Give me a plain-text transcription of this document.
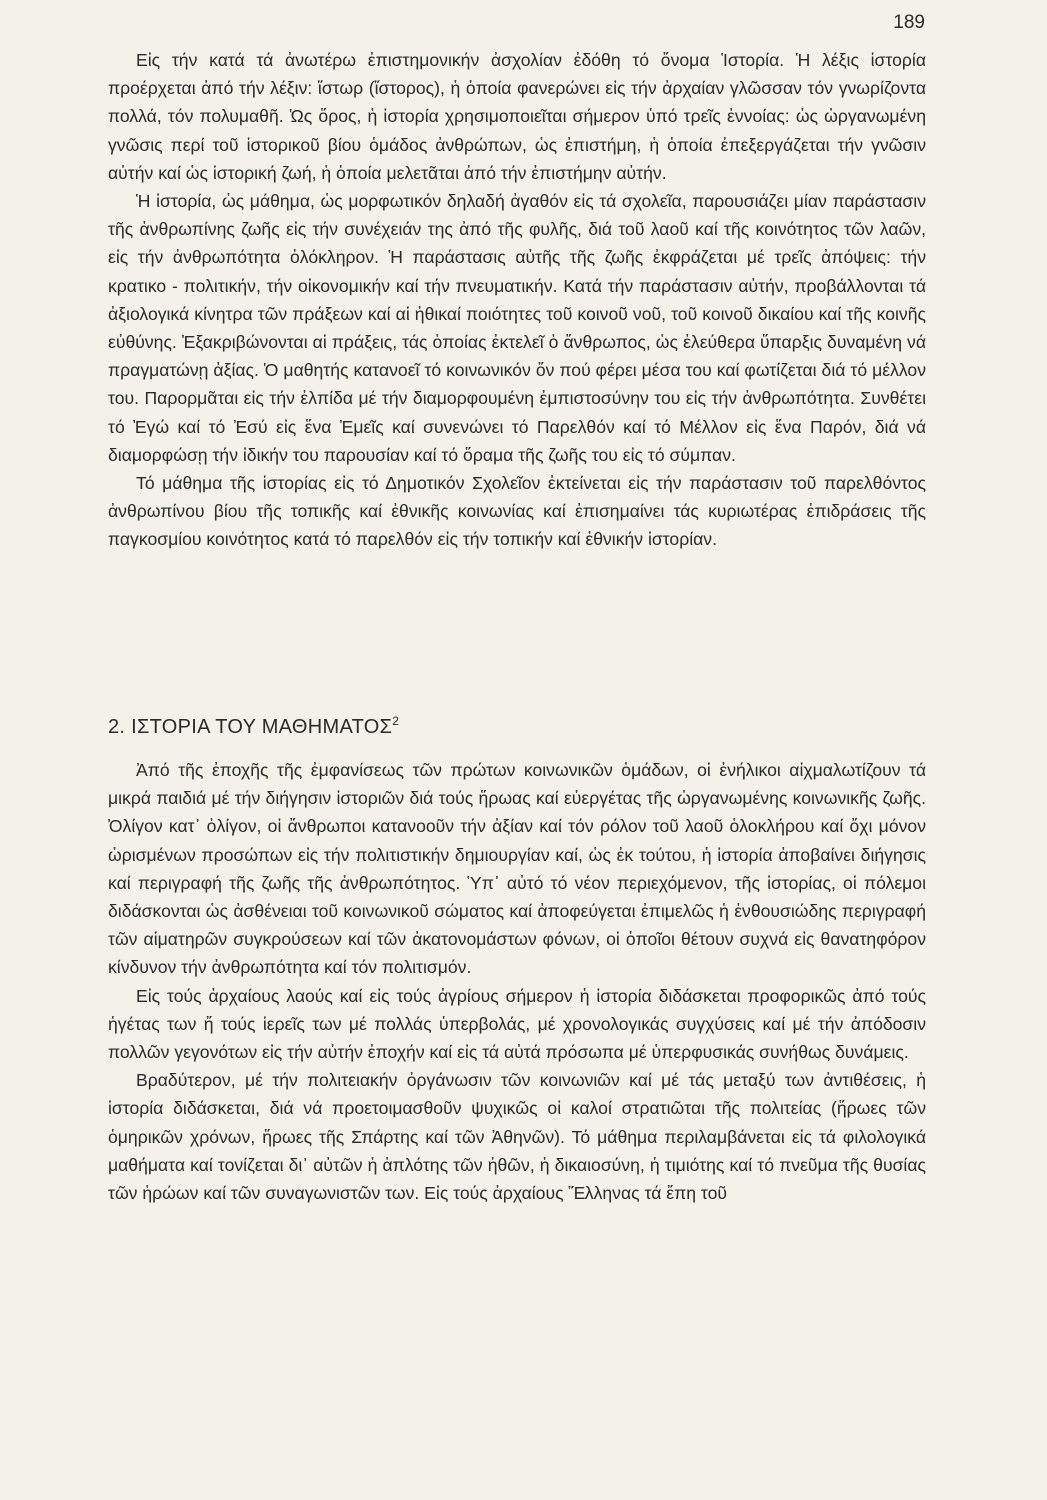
189

Εἰς τήν κατά τά ἀνωτέρω ἐπιστημονικήν ἀσχολίαν ἐδόθη τό ὄνομα Ἱστορία. Ἡ λέξις ἱστορία προέρχεται ἀπό τήν λέξιν: ἵστωρ (ἵστορος), ἡ ὁποία φανερώνει εἰς τήν ἀρχαίαν γλῶσσαν τόν γνωρίζοντα πολλά, τόν πολυμαθῆ. Ὡς ὅρος, ἡ ἱστορία χρησιμοποιεῖται σήμερον ὑπό τρεῖς ἐννοίας: ὡς ὠργανωμένη γνῶσις περί τοῦ ἱστορικοῦ βίου ὁμάδος ἀνθρώπων, ὡς ἐπιστήμη, ἡ ὁποία ἐπεξεργάζεται τήν γνῶσιν αὐτήν καί ὡς ἱστορική ζωή, ἡ ὁποία μελετᾶται ἀπό τήν ἐπιστήμην αὐτήν.

Ἡ ἱστορία, ὡς μάθημα, ὡς μορφωτικόν δηλαδή ἀγαθόν εἰς τά σχολεῖα, παρουσιάζει μίαν παράστασιν τῆς ἀνθρωπίνης ζωῆς εἰς τήν συνέχειάν της ἀπό τῆς φυλῆς, διά τοῦ λαοῦ καί τῆς κοινότητος τῶν λαῶν, εἰς τήν ἀνθρωπότητα ὁλόκληρον. Ἡ παράστασις αὐτῆς τῆς ζωῆς ἐκφράζεται μέ τρεῖς ἀπόψεις: τήν κρατικο - πολιτικήν, τήν οἰκονομικήν καί τήν πνευματικήν. Κατά τήν παράστασιν αὐτήν, προβάλλονται τά ἀξιολογικά κίνητρα τῶν πράξεων καί αἱ ἠθικαί ποιότητες τοῦ κοινοῦ νοῦ, τοῦ κοινοῦ δικαίου καί τῆς κοινῆς εὐθύνης. Ἐξακριβώνονται αἱ πράξεις, τάς ὁποίας ἐκτελεῖ ὁ ἄνθρωπος, ὡς ἐλεύθερα ὕπαρξις δυναμένη νά πραγματώνῃ ἀξίας. Ὁ μαθητής κατανοεῖ τό κοινωνικόν ὄν πού φέρει μέσα του καί φωτίζεται διά τό μέλλον του. Παρορμᾶται εἰς τήν ἐλπίδα μέ τήν διαμορφουμένη ἐμπιστοσύνην του εἰς τήν ἀνθρωπότητα. Συνθέτει τό Ἐγώ καί τό Ἐσύ εἰς ἕνα Ἐμεῖς καί συνενώνει τό Παρελθόν καί τό Μέλλον εἰς ἕνα Παρόν, διά νά διαμορφώσῃ τήν ἰδικήν του παρουσίαν καί τό ὅραμα τῆς ζωῆς του εἰς τό σύμπαν.

Τό μάθημα τῆς ἱστορίας εἰς τό Δημοτικόν Σχολεῖον ἐκτείνεται εἰς τήν παράστασιν τοῦ παρελθόντος ἀνθρωπίνου βίου τῆς τοπικῆς καί ἐθνικῆς κοινωνίας καί ἐπισημαίνει τάς κυριωτέρας ἐπιδράσεις τῆς παγκοσμίου κοινότητος κατά τό παρελθόν εἰς τήν τοπικήν καί ἐθνικήν ἱστορίαν.

2. ΙΣΤΟΡΙΑ ΤΟΥ ΜΑΘΗΜΑΤΟΣ$^2$

Ἀπό τῆς ἐποχῆς τῆς ἐμφανίσεως τῶν πρώτων κοινωνικῶν ὁμάδων, οἱ ἐνήλικοι αἰχμαλωτίζουν τά μικρά παιδιά μέ τήν διήγησιν ἱστοριῶν διά τούς ἥρωας καί εὐεργέτας τῆς ὠργανωμένης κοινωνικῆς ζωῆς. Ὀλίγον κατ᾽ ὀλίγον, οἱ ἄνθρωποι κατανοοῦν τήν ἀξίαν καί τόν ρόλον τοῦ λαοῦ ὁλοκλήρου καί ὄχι μόνον ὡρισμένων προσώπων εἰς τήν πολιτιστικήν δημιουργίαν καί, ὡς ἐκ τούτου, ἡ ἱστορία ἀποβαίνει διήγησις καί περιγραφή τῆς ζωῆς τῆς ἀνθρωπότητος. Ὑπ᾽ αὐτό τό νέον περιεχόμενον, τῆς ἱστορίας, οἱ πόλεμοι διδάσκονται ὡς ἀσθένειαι τοῦ κοινωνικοῦ σώματος καί ἀποφεύγεται ἐπιμελῶς ἡ ἐνθουσιώδης περιγραφή τῶν αἱματηρῶν συγκρούσεων καί τῶν ἀκατονομάστων φόνων, οἱ ὁποῖοι θέτουν συχνά εἰς θανατηφόρον κίνδυνον τήν ἀνθρωπότητα καί τόν πολιτισμόν.

Εἰς τούς ἀρχαίους λαούς καί εἰς τούς ἀγρίους σήμερον ἡ ἱστορία διδάσκεται προφορικῶς ἀπό τούς ἡγέτας των ἤ τούς ἱερεῖς των μέ πολλάς ὑπερβολάς, μέ χρονολογικάς συγχύσεις καί μέ τήν ἀπόδοσιν πολλῶν γεγονότων εἰς τήν αὐτήν ἐποχήν καί εἰς τά αὐτά πρόσωπα μέ ὑπερφυσικάς συνήθως δυνάμεις.

Βραδύτερον, μέ τήν πολιτειακήν ὀργάνωσιν τῶν κοινωνιῶν καί μέ τάς μεταξύ των ἀντιθέσεις, ἡ ἱστορία διδάσκεται, διά νά προετοιμασθοῦν ψυχικῶς οἱ καλοί στρατιῶται τῆς πολιτείας (ἥρωες τῶν ὁμηρικῶν χρόνων, ἥρωες τῆς Σπάρτης καί τῶν Ἀθηνῶν). Τό μάθημα περιλαμβάνεται εἰς τά φιλολογικά μαθήματα καί τονίζεται δι᾽ αὐτῶν ἡ ἁπλότης τῶν ἠθῶν, ἡ δικαιοσύνη, ἡ τιμιότης καί τό πνεῦμα τῆς θυσίας τῶν ἡρώων καί τῶν συναγωνιστῶν των. Εἰς τούς ἀρχαίους Ἕλληνας τά ἔπη τοῦ
